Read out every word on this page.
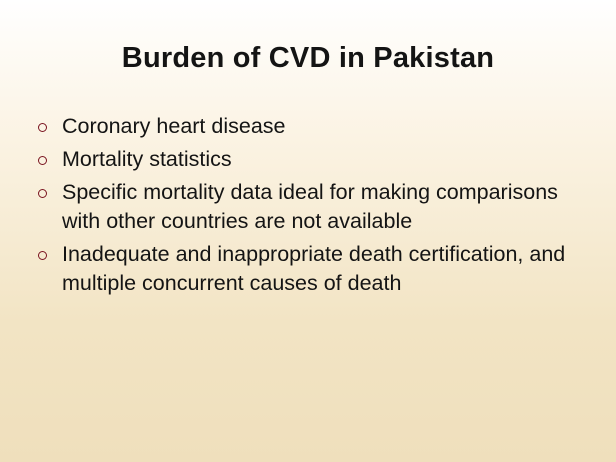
Burden of CVD in Pakistan
Coronary heart disease
Mortality statistics
Specific mortality data ideal for making comparisons with other countries are not available
Inadequate and inappropriate death certification, and multiple concurrent causes of death
